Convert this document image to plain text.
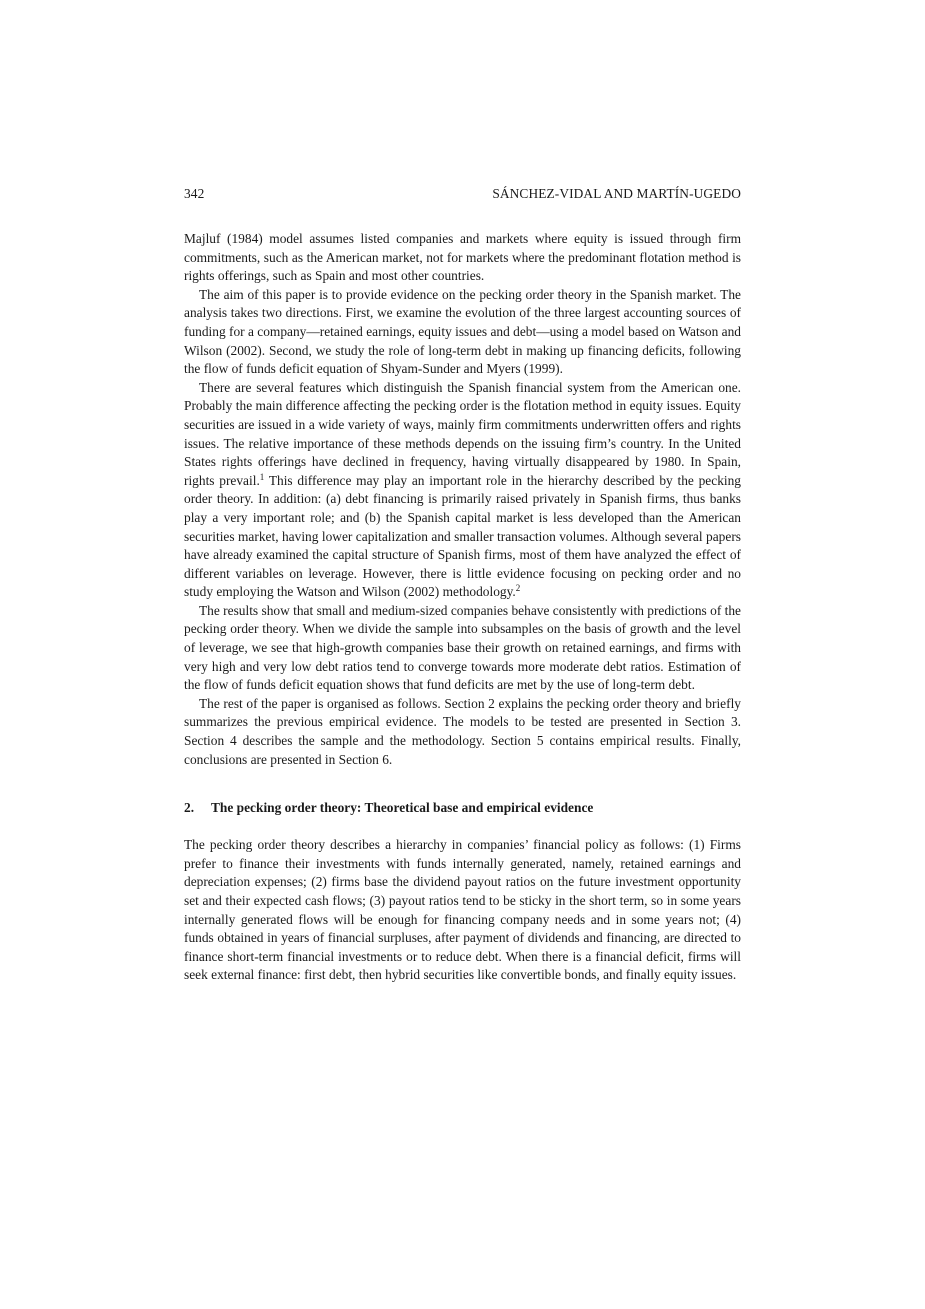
342	SÁNCHEZ-VIDAL AND MARTÍN-UGEDO

Majluf (1984) model assumes listed companies and markets where equity is issued through firm commitments, such as the American market, not for markets where the predominant flotation method is rights offerings, such as Spain and most other countries.

The aim of this paper is to provide evidence on the pecking order theory in the Spanish market. The analysis takes two directions. First, we examine the evolution of the three largest accounting sources of funding for a company—retained earnings, equity issues and debt—using a model based on Watson and Wilson (2002). Second, we study the role of long-term debt in making up financing deficits, following the flow of funds deficit equation of Shyam-Sunder and Myers (1999).

There are several features which distinguish the Spanish financial system from the American one. Probably the main difference affecting the pecking order is the flotation method in equity issues. Equity securities are issued in a wide variety of ways, mainly firm commitments underwritten offers and rights issues. The relative importance of these methods depends on the issuing firm’s country. In the United States rights offerings have declined in frequency, having virtually disappeared by 1980. In Spain, rights prevail.$^1$ This difference may play an important role in the hierarchy described by the pecking order theory. In addition: (a) debt financing is primarily raised privately in Spanish firms, thus banks play a very important role; and (b) the Spanish capital market is less developed than the American securities market, having lower capitalization and smaller transaction volumes. Although several papers have already examined the capital structure of Spanish firms, most of them have analyzed the effect of different variables on leverage. However, there is little evidence focusing on pecking order and no study employing the Watson and Wilson (2002) methodology.$^2$

The results show that small and medium-sized companies behave consistently with predictions of the pecking order theory. When we divide the sample into subsamples on the basis of growth and the level of leverage, we see that high-growth companies base their growth on retained earnings, and firms with very high and very low debt ratios tend to converge towards more moderate debt ratios. Estimation of the flow of funds deficit equation shows that fund deficits are met by the use of long-term debt.

The rest of the paper is organised as follows. Section 2 explains the pecking order theory and briefly summarizes the previous empirical evidence. The models to be tested are presented in Section 3. Section 4 describes the sample and the methodology. Section 5 contains empirical results. Finally, conclusions are presented in Section 6.

2.	The pecking order theory: Theoretical base and empirical evidence

The pecking order theory describes a hierarchy in companies’ financial policy as follows: (1) Firms prefer to finance their investments with funds internally generated, namely, retained earnings and depreciation expenses; (2) firms base the dividend payout ratios on the future investment opportunity set and their expected cash flows; (3) payout ratios tend to be sticky in the short term, so in some years internally generated flows will be enough for financing company needs and in some years not; (4) funds obtained in years of financial surpluses, after payment of dividends and financing, are directed to finance short-term financial investments or to reduce debt. When there is a financial deficit, firms will seek external finance: first debt, then hybrid securities like convertible bonds, and finally equity issues.
